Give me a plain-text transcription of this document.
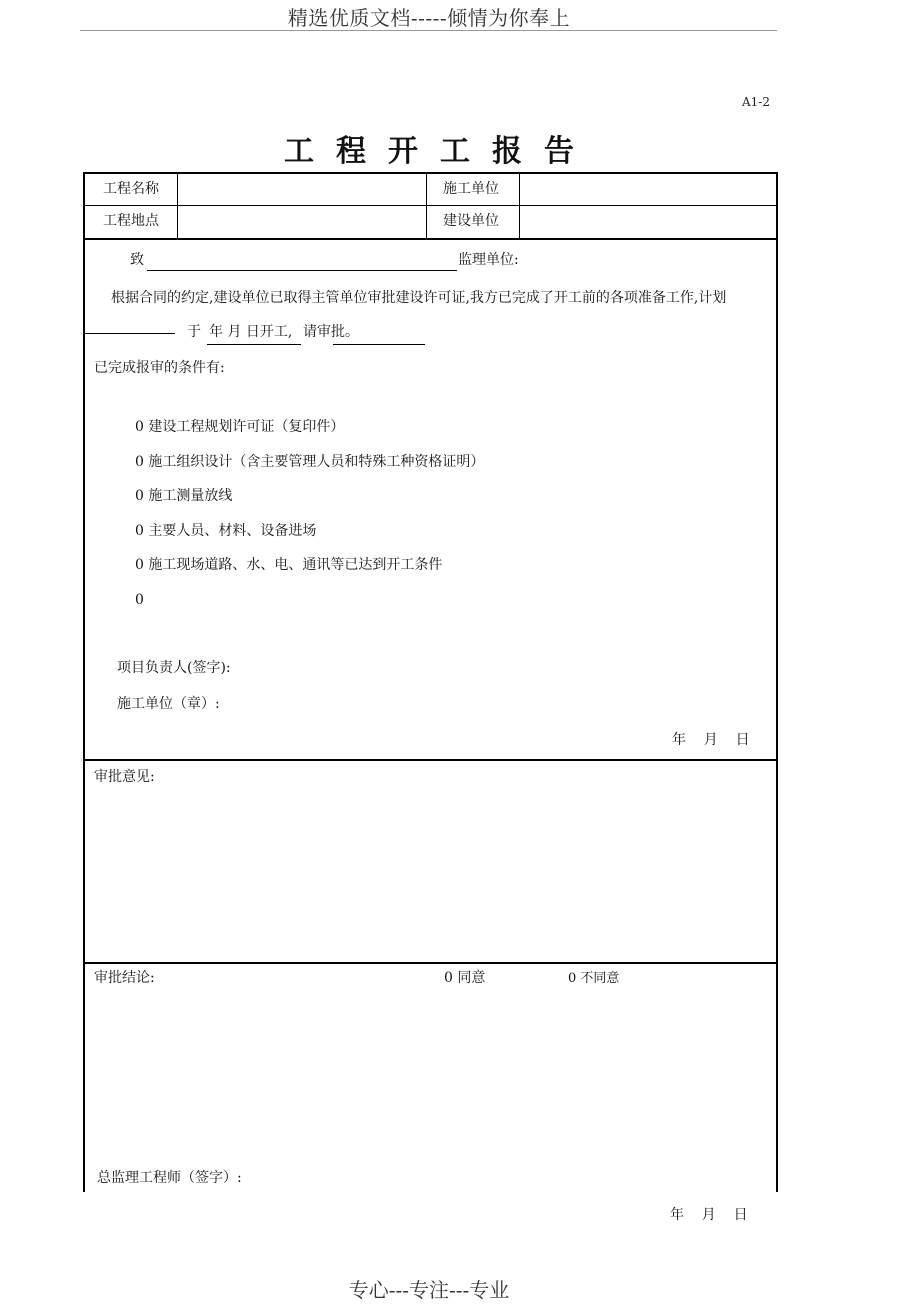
精选优质文档-----倾情为你奉上
A1-2
工程开工报告
工程名称	施工单位
工程地点	建设单位
致	监理单位:
根据合同的约定,建设单位已取得主管单位审批建设许可证,我方已完成了开工前的各项准备工作,计划
于 年 月 日开工, 请审批。
已完成报审的条件有:
0 建设工程规划许可证（复印件）
0 施工组织设计（含主要管理人员和特殊工种资格证明）
0 施工测量放线
0 主要人员、材料、设备进场
0 施工现场道路、水、电、通讯等已达到开工条件
0
项目负责人(签字):
施工单位（章）:
年    月    日
审批意见:
审批结论:	0 同意	0 不同意
总监理工程师（签字）:
年    月    日
专心---专注---专业
